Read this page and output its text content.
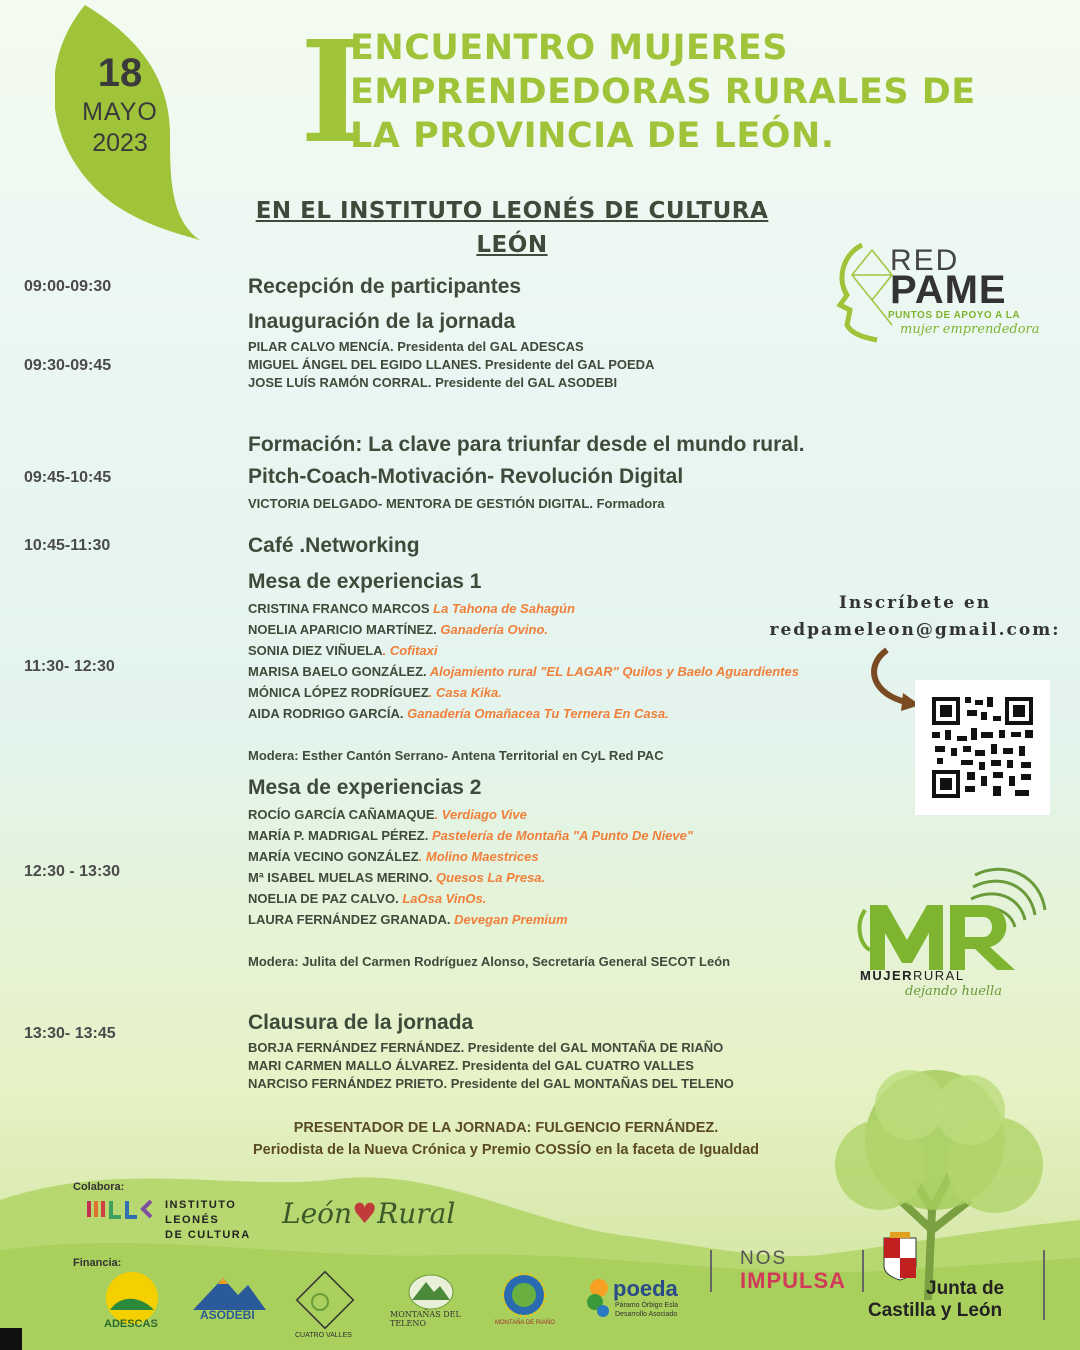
18
MAYO
2023 I
ENCUENTRO MUJERES
EMPRENDEDORAS RURALES DE
LA PROVINCIA DE LEÓN.
EN EL INSTITUTO LEONÉS DE CULTURA
LEÓN	RED
PAME
PUNTOS DE APOYO A LA
mujer emprendedora
09:00-09:30	Recepción de participantes

09:30-09:45

Inauguración de la jornada

PILAR CALVO MENCÍA. Presidenta del GAL ADESCAS

MIGUEL ÁNGEL DEL EGIDO LLANES. Presidente del GAL POEDA

JOSE LUÍS RAMÓN CORRAL. Presidente del GAL ASODEBI

09:45-10:45

Formación: La clave para triunfar desde el mundo rural.

Pitch-Coach-Motivación- Revolución Digital

VICTORIA DELGADO- MENTORA DE GESTIÓN DIGITAL. Formadora

10:45-11:30	Café .Networking

11:30- 12:30

Mesa de experiencias 1

CRISTINA FRANCO MARCOS La Tahona de Sahagún

NOELIA APARICIO MARTÍNEZ. Ganadería Ovino.

SONIA DIEZ VIÑUELA. Cofitaxi

MARISA BAELO GONZÁLEZ. Alojamiento rural "EL LAGAR" Quilos y Baelo Aguardientes

MÓNICA LÓPEZ RODRÍGUEZ. Casa Kika.

AIDA RODRIGO GARCÍA. Ganadería Omañacea Tu Ternera En Casa.

Modera: Esther Cantón Serrano- Antena Territorial en CyL Red PAC

12:30 - 13:30

Mesa de experiencias 2

ROCÍO GARCÍA CAÑAMAQUE. Verdiago Vive

MARÍA P. MADRIGAL PÉREZ. Pastelería de Montaña "A Punto De Nieve"

MARÍA VECINO GONZÁLEZ. Molino Maestrices

Mª ISABEL MUELAS MERINO. Quesos La Presa.

NOELIA DE PAZ CALVO. LaOsa VinOs.

LAURA FERNÁNDEZ GRANADA. Devegan Premium

Modera: Julita del Carmen Rodríguez Alonso, Secretaría General SECOT León

13:30- 13:45	Clausura de la jornada

BORJA FERNÁNDEZ FERNÁNDEZ. Presidente del GAL MONTAÑA DE RIAÑO

MARI CARMEN MALLO ÁLVAREZ. Presidenta del GAL CUATRO VALLES

NARCISO FERNÁNDEZ PRIETO. Presidente del GAL MONTAÑAS DEL TELENO

Inscríbete en
redpameleon@gmail.com:
MUJERRURAL
dejando huella
PRESENTADOR DE LA JORNADA: FULGENCIO FERNÁNDEZ.
Periodista de la Nueva Crónica y Premio COSSÍO en la faceta de Igualdad
Colabora:
INSTITUTO
LEONÉS
DE CULTURA
León♥Rural
Financia:
ADESCAS
ASODEBI
CUATRO VALLES
MONTAÑAS DEL TELENO	MONTAÑA DE RIAÑO
poeda
Páramo Órbigo Esla
Desarrollo Asociado
NOS
IMPULSA	Junta de
Castilla y León
